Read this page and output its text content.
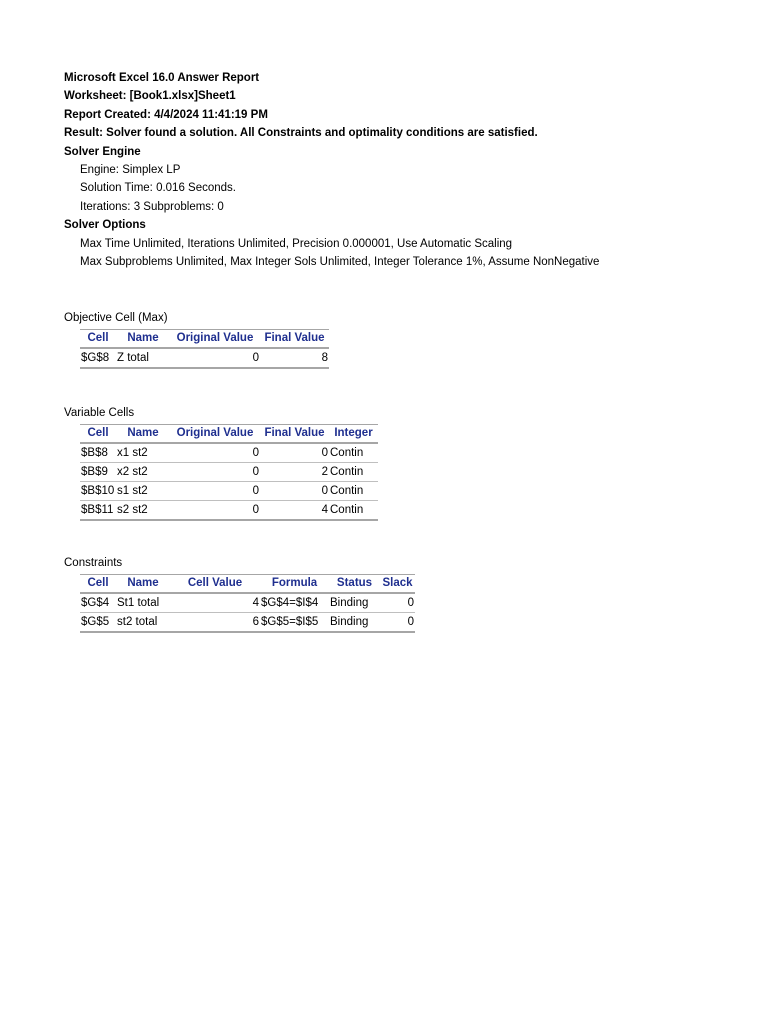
Microsoft Excel 16.0 Answer Report
Worksheet: [Book1.xlsx]Sheet1
Report Created: 4/4/2024 11:41:19 PM
Result: Solver found a solution. All Constraints and optimality conditions are satisfied.
Solver Engine
Engine: Simplex LP
Solution Time: 0.016 Seconds.
Iterations: 3 Subproblems: 0
Solver Options
Max Time Unlimited, Iterations Unlimited, Precision 0.000001, Use Automatic Scaling
Max Subproblems Unlimited, Max Integer Sols Unlimited, Integer Tolerance 1%, Assume NonNegative
Objective Cell (Max)
Cell	Name	Original Value	Final Value
$G$8	Z total	0	8
Variable Cells
Cell	Name	Original Value	Final Value	Integer
$B$8	x1 st2	0	0	Contin
$B$9	x2 st2	0	2	Contin
$B$10	s1 st2	0	0	Contin
$B$11	s2 st2	0	4	Contin
Constraints
Cell	Name	Cell Value	Formula	Status	Slack
$G$4	St1 total	4	$G$4=$I$4	Binding	0
$G$5	st2 total	6	$G$5=$I$5	Binding	0
